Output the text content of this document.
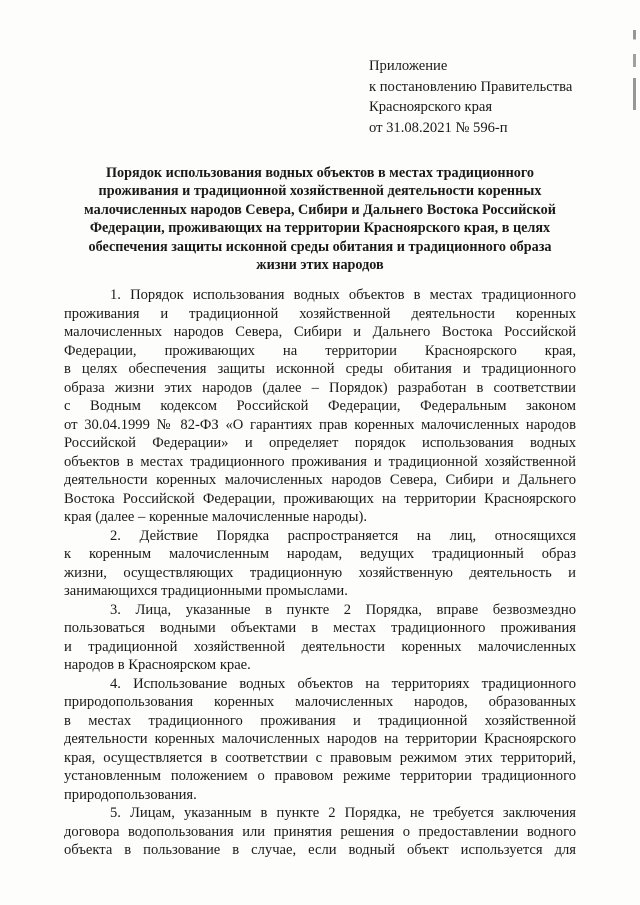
Приложение
к постановлению Правительства
Красноярского края
от 31.08.2021 № 596-п
Порядок использования водных объектов в местах традиционного
проживания и традиционной хозяйственной деятельности коренных
малочисленных народов Севера, Сибири и Дальнего Востока Российской
Федерации, проживающих на территории Красноярского края, в целях
обеспечения защиты исконной среды обитания и традиционного образа
жизни этих народов
1. Порядок использования водных объектов в местах традиционного
проживания и традиционной хозяйственной деятельности коренных
малочисленных народов Севера, Сибири и Дальнего Востока Российской
Федерации, проживающих на территории Красноярского края,
в целях обеспечения защиты исконной среды обитания и традиционного
образа жизни этих народов (далее – Порядок) разработан в соответствии
с Водным кодексом Российской Федерации, Федеральным законом
от 30.04.1999 № 82-ФЗ «О гарантиях прав коренных малочисленных народов
Российской Федерации» и определяет порядок использования водных
объектов в местах традиционного проживания и традиционной хозяйственной
деятельности коренных малочисленных народов Севера, Сибири и Дальнего
Востока Российской Федерации, проживающих на территории Красноярского
края (далее – коренные малочисленные народы).
2. Действие Порядка распространяется на лиц, относящихся
к коренным малочисленным народам, ведущих традиционный образ
жизни, осуществляющих традиционную хозяйственную деятельность и
занимающихся традиционными промыслами.
3. Лица, указанные в пункте 2 Порядка, вправе безвозмездно
пользоваться водными объектами в местах традиционного проживания
и традиционной хозяйственной деятельности коренных малочисленных
народов в Красноярском крае.
4. Использование водных объектов на территориях традиционного
природопользования коренных малочисленных народов, образованных
в местах традиционного проживания и традиционной хозяйственной
деятельности коренных малочисленных народов на территории Красноярского
края, осуществляется в соответствии с правовым режимом этих территорий,
установленным положением о правовом режиме территории традиционного
природопользования.
5. Лицам, указанным в пункте 2 Порядка, не требуется заключения
договора водопользования или принятия решения о предоставлении водного
объекта в пользование в случае, если водный объект используется для
